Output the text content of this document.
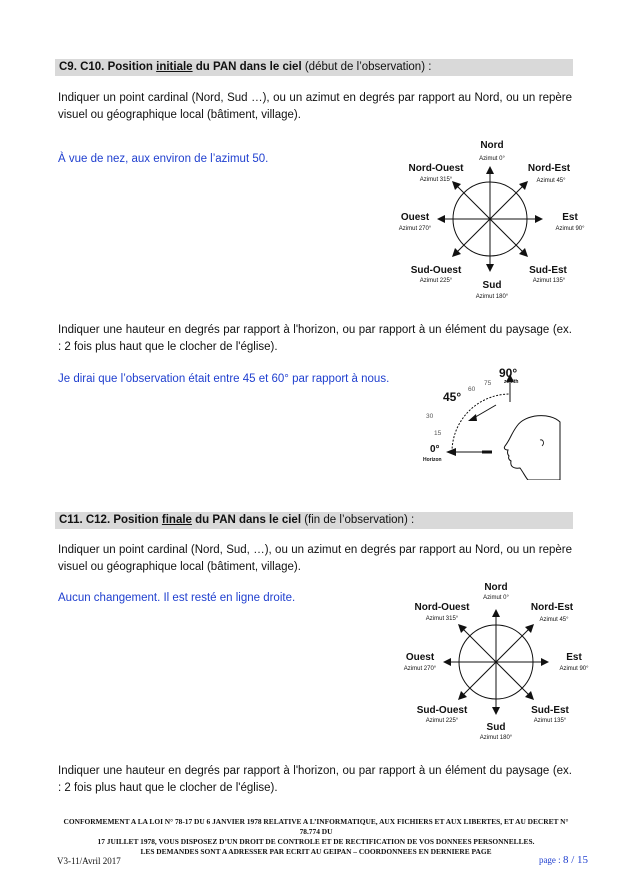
C9. C10. Position initiale du PAN dans le ciel (début de l’observation) :
Indiquer un point cardinal (Nord, Sud …), ou un azimut en degrés par rapport au Nord, ou un repère visuel ou géographique local (bâtiment, village).
À vue de nez, aux environ de l’azimut 50.
Nord
Nord-Ouest	Nord-Est
Ouest	Est
Sud-Ouest	Sud-Est
Sud
Azimut 0°
Azimut 315°	Azimut 45°
Azimut 270°	Azimut 90°
Azimut 225°	Azimut 135°
Azimut 180°
Indiquer une hauteur en degrés par rapport à l'horizon, ou par rapport à un élément du paysage (ex. : 2 fois plus haut que le clocher de l'église).
Je dirai que l’observation était entre 45 et 60° par rapport à nous.
0°
Horizon
15
30
45°
60
75
90°
zénith
C11. C12. Position finale du PAN dans le ciel (fin de l’observation) :
Indiquer un point cardinal (Nord, Sud, …), ou un azimut en degrés par rapport au Nord, ou un repère visuel ou géographique local (bâtiment, village).
Aucun changement. Il est resté en ligne droite.
Nord
Nord-Ouest	Nord-Est
Ouest	Est
Sud-Ouest	Sud-Est
Sud
Azimut 0°
Azimut 315°	Azimut 45°
Azimut 270°	Azimut 90°
Azimut 225°	Azimut 135°
Azimut 180°
Indiquer une hauteur en degrés par rapport à l'horizon, ou par rapport à un élément du paysage (ex. : 2 fois plus haut que le clocher de l'église).
CONFORMEMENT A LA LOI N° 78-17 DU 6 JANVIER 1978 RELATIVE A L’INFORMATIQUE, AUX FICHIERS ET AUX LIBERTES, ET AU DECRET N° 78.774 DU
17 JUILLET 1978, VOUS DISPOSEZ D’UN DROIT DE CONTROLE ET DE RECTIFICATION DE VOS DONNEES PERSONNELLES.
LES DEMANDES SONT A ADRESSER PAR ECRIT AU GEIPAN – COORDONNEES EN DERNIERE PAGE
V3-11/Avril 2017	page : 8 / 15
